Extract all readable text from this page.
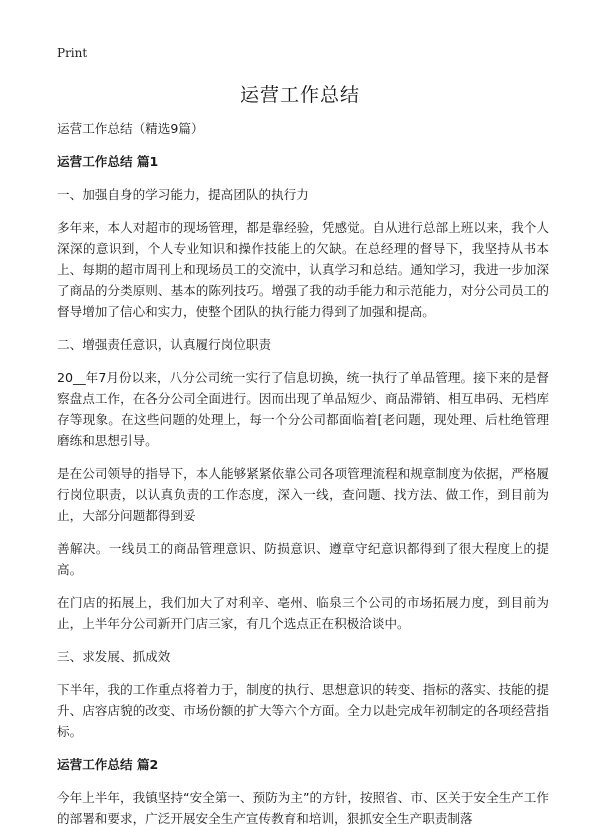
Print
运营工作总结

运营工作总结（精选9篇）

运营工作总结 篇1

一、加强自身的学习能力，提高团队的执行力

多年来，本人对超市的现场管理，都是靠经验，凭感觉。自从进行总部上班以来，我个人深深的意识到，个人专业知识和操作技能上的欠缺。在总经理的督导下，我坚持从书本上、每期的超市周刊上和现场员工的交流中，认真学习和总结。通知学习，我进一步加深了商品的分类原则、基本的陈列技巧。增强了我的动手能力和示范能力，对分公司员工的督导增加了信心和实力，使整个团队的执行能力得到了加强和提高。

二、增强责任意识，认真履行岗位职责

20__年7月份以来，八分公司统一实行了信息切换，统一执行了单品管理。接下来的是督察盘点工作，在各分公司全面进行。因而出现了单品短少、商品滞销、相互串码、无档库存等现象。在这些问题的处理上，每一个分公司都面临着[老问题，现处理、后杜绝管理磨练和思想引导。

是在公司领导的指导下，本人能够紧紧依靠公司各项管理流程和规章制度为依据，严格履行岗位职责，以认真负责的工作态度，深入一线，查问题、找方法、做工作，到目前为止，大部分问题都得到妥

善解决。一线员工的商品管理意识、防损意识、遵章守纪意识都得到了很大程度上的提高。

在门店的拓展上，我们加大了对利辛、亳州、临泉三个公司的市场拓展力度，到目前为止，上半年分公司新开门店三家，有几个选点正在积极洽谈中。

三、求发展、抓成效

下半年，我的工作重点将着力于，制度的执行、思想意识的转变、指标的落实、技能的提升、店容店貌的改变、市场份额的扩大等六个方面。全力以赴完成年初制定的各项经营指标。

运营工作总结 篇2

今年上半年，我镇坚持“安全第一、预防为主”的方针，按照省、市、区关于安全生产工作的部署和要求，广泛开展安全生产宣传教育和培训，狠抓安全生产职责制落
